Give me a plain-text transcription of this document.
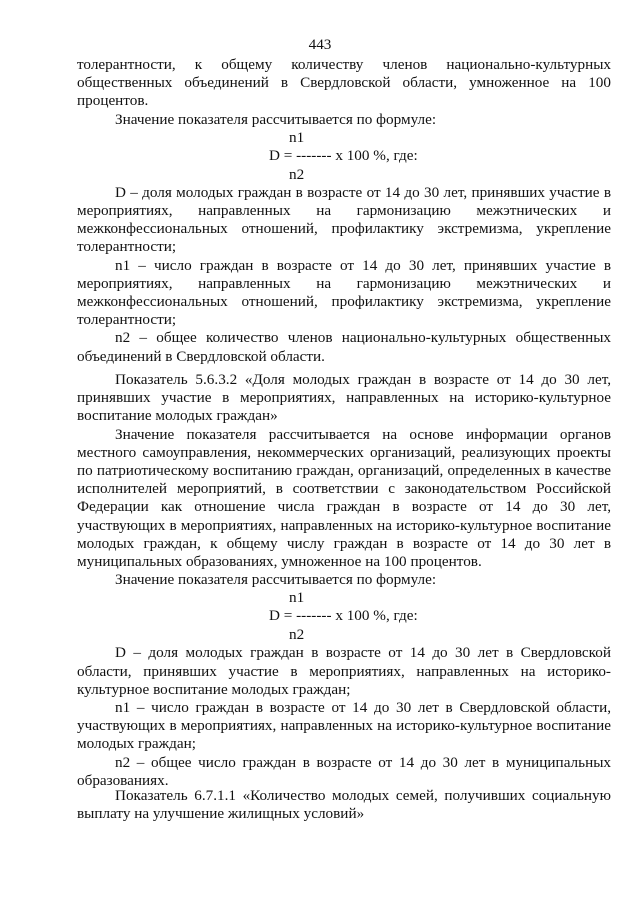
443

толерантности, к общему количеству членов национально-культурных общественных объединений в Свердловской области, умноженное на 100 процентов.

Значение показателя рассчитывается по формуле:

n1
D = ------- х 100 %, где:
n2

D – доля молодых граждан в возрасте от 14 до 30 лет, принявших участие в мероприятиях, направленных на гармонизацию межэтнических и межконфессиональных отношений, профилактику экстремизма, укрепление толерантности;

n1 – число граждан в возрасте от 14 до 30 лет, принявших участие в мероприятиях, направленных на гармонизацию межэтнических и межконфессиональных отношений, профилактику экстремизма, укрепление толерантности;

n2 – общее количество членов национально-культурных общественных объединений в Свердловской области.

Показатель 5.6.3.2 «Доля молодых граждан в возрасте от 14 до 30 лет, принявших участие в мероприятиях, направленных на историко-культурное воспитание молодых граждан»

Значение показателя рассчитывается на основе информации органов местного самоуправления, некоммерческих организаций, реализующих проекты по патриотическому воспитанию граждан, организаций, определенных в качестве исполнителей мероприятий, в соответствии с законодательством Российской Федерации как отношение числа граждан в возрасте от 14 до 30 лет, участвующих в мероприятиях, направленных на историко-культурное воспитание молодых граждан, к общему числу граждан в возрасте от 14 до 30 лет в муниципальных образованиях, умноженное на 100 процентов.

Значение показателя рассчитывается по формуле:

n1
D = ------- х 100 %, где:
n2

D – доля молодых граждан в возрасте от 14 до 30 лет в Свердловской области, принявших участие в мероприятиях, направленных на историко-культурное воспитание молодых граждан;

n1 – число граждан в возрасте от 14 до 30 лет в Свердловской области, участвующих в мероприятиях, направленных на историко-культурное воспитание молодых граждан;

n2 – общее число граждан в возрасте от 14 до 30 лет в муниципальных образованиях.

Показатель 6.7.1.1 «Количество молодых семей, получивших социальную выплату на улучшение жилищных условий»
